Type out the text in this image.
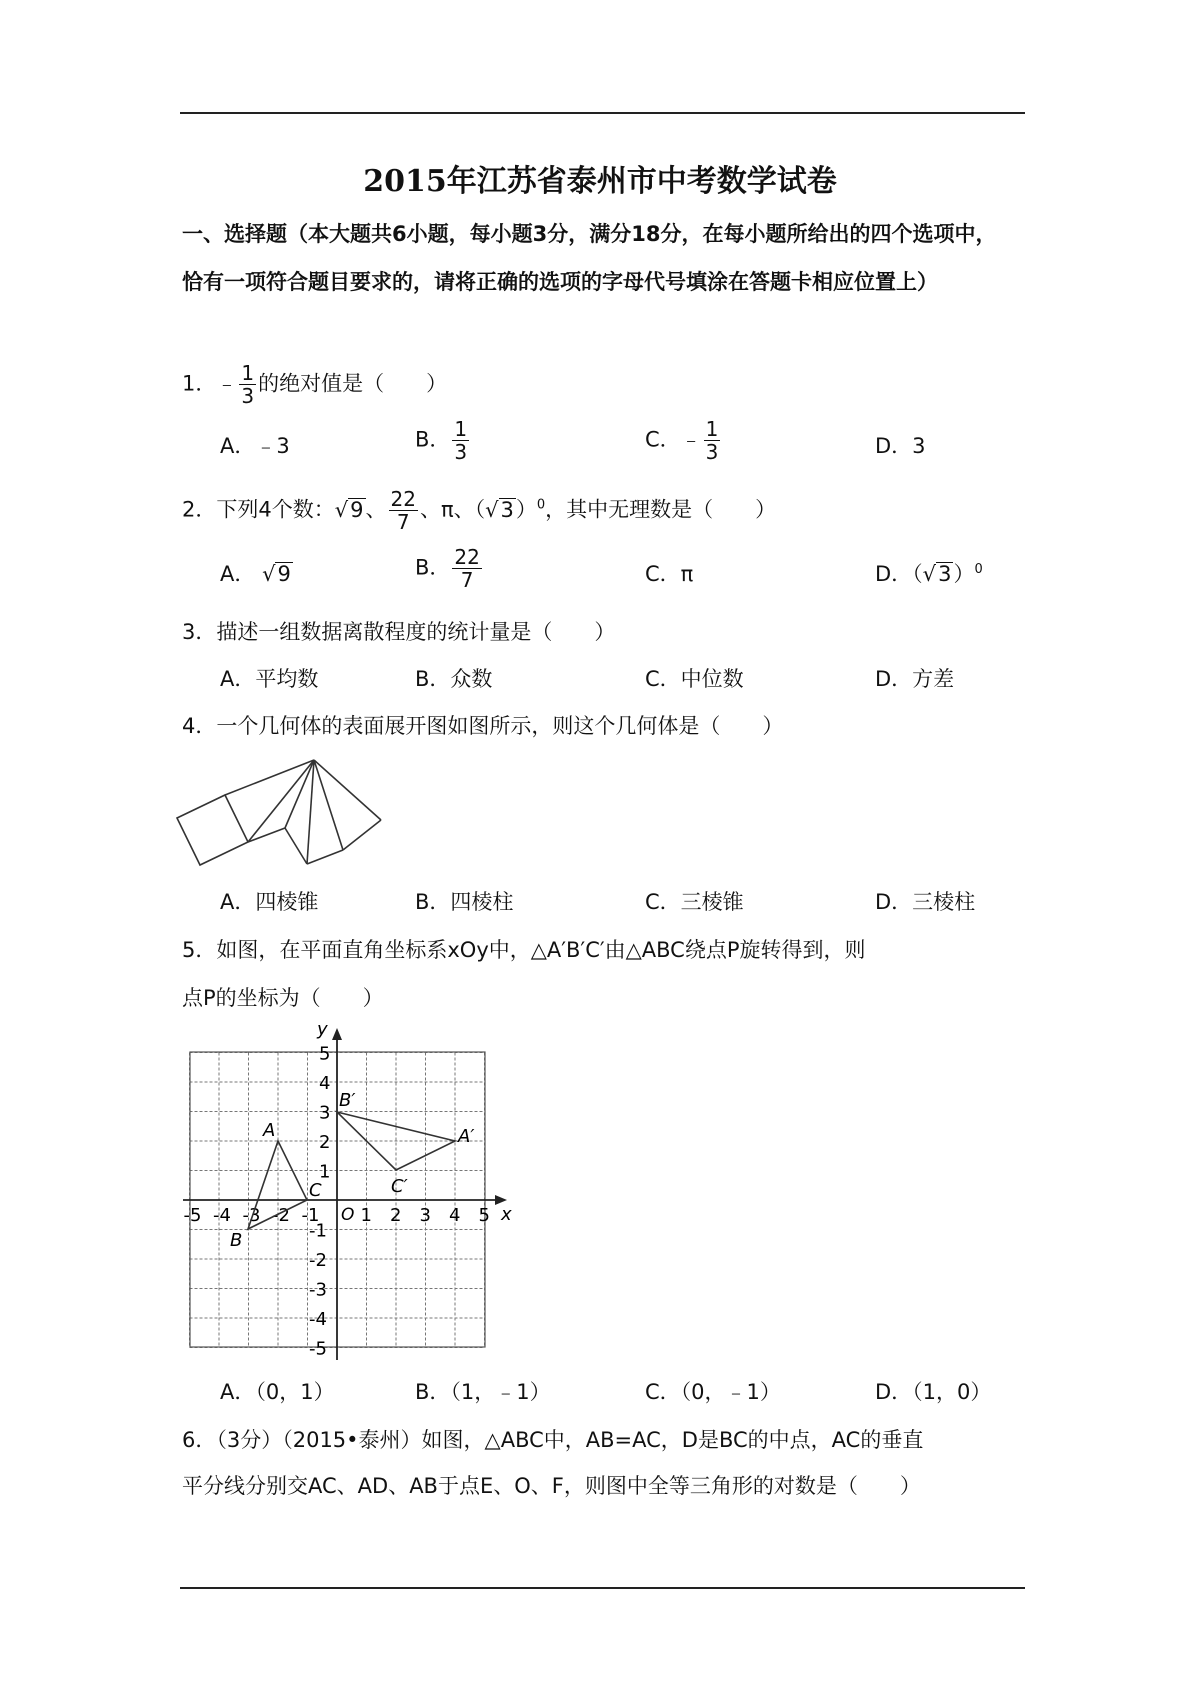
2015年江苏省泰州市中考数学试卷
一、选择题（本大题共6小题，每小题3分，满分18分，在每小题所给出的四个选项中，恰有一项符合题目要求的，请将正确的选项的字母代号填涂在答题卡相应位置上）
1．﹣ $\frac{1}{3}$ 的绝对值是（　　）
A．﹣3	B． $\frac{1}{3}$	C．﹣ $\frac{1}{3}$	D．3
2．下列4个数：√9、 $\frac{22}{7}$ 、π、$(√3)^0$，其中无理数是（　　）
A． √9	B． $\frac{22}{7}$	C．π	D．$(√3)^0$
3．描述一组数据离散程度的统计量是（　　）
A．平均数	B．众数	C．中位数	D．方差
4．一个几何体的表面展开图如图所示，则这个几何体是（　　）
A．四棱锥	B．四棱柱	C．三棱锥	D．三棱柱
5．如图，在平面直角坐标系xOy中，△A′B′C′由△ABC绕点P旋转得到，则
点P的坐标为（　　）
x
y
O
-5 -4 -3 -2 -1 1 2 3 4 5
5
4
3
2
1
-1
-2
-3
-4
-5
A
B
C
A′
B′
C′
A．（0，1）	B．（1，﹣1）	C．（0，﹣1）	D．（1，0）
6．（3分）（2015•泰州）如图，△ABC中，AB=AC，D是BC的中点，AC的垂直
平分线分别交AC、AD、AB于点E、O、F，则图中全等三角形的对数是（　　）
